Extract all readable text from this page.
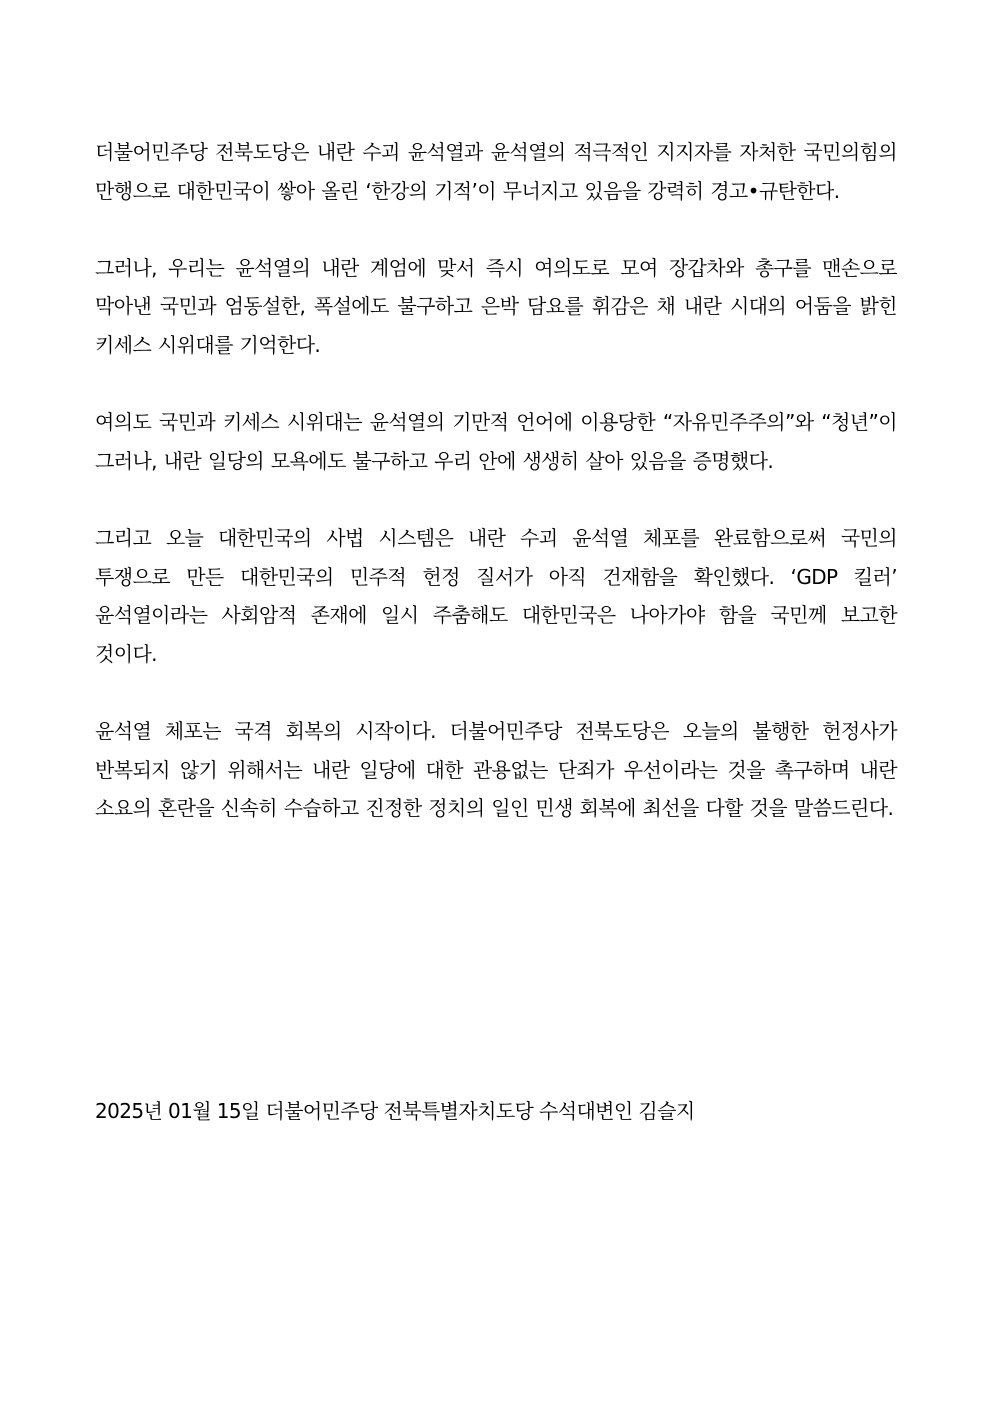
더불어민주당 전북도당은 내란 수괴 윤석열과 윤석열의 적극적인 지지자를 자처한 국민의힘의 만행으로 대한민국이 쌓아 올린 ‘한강의 기적’이 무너지고 있음을 강력히 경고•규탄한다.

그러나, 우리는 윤석열의 내란 계엄에 맞서 즉시 여의도로 모여 장갑차와 총구를 맨손으로 막아낸 국민과 엄동설한, 폭설에도 불구하고 은박 담요를 휘감은 채 내란 시대의 어둠을 밝힌 키세스 시위대를 기억한다.

여의도 국민과 키세스 시위대는 윤석열의 기만적 언어에 이용당한 “자유민주주의”와 “청년”이 그러나, 내란 일당의 모욕에도 불구하고 우리 안에 생생히 살아 있음을 증명했다.

그리고 오늘 대한민국의 사법 시스템은 내란 수괴 윤석열 체포를 완료함으로써 국민의 투쟁으로 만든 대한민국의 민주적 헌정 질서가 아직 건재함을 확인했다. ‘GDP 킬러’ 윤석열이라는 사회암적 존재에 일시 주춤해도 대한민국은 나아가야 함을 국민께 보고한 것이다.

윤석열 체포는 국격 회복의 시작이다. 더불어민주당 전북도당은 오늘의 불행한 헌정사가 반복되지 않기 위해서는 내란 일당에 대한 관용없는 단죄가 우선이라는 것을 촉구하며 내란 소요의 혼란을 신속히 수습하고 진정한 정치의 일인 민생 회복에 최선을 다할 것을 말씀드린다.

2025년 01월 15일 더불어민주당 전북특별자치도당 수석대변인 김슬지
